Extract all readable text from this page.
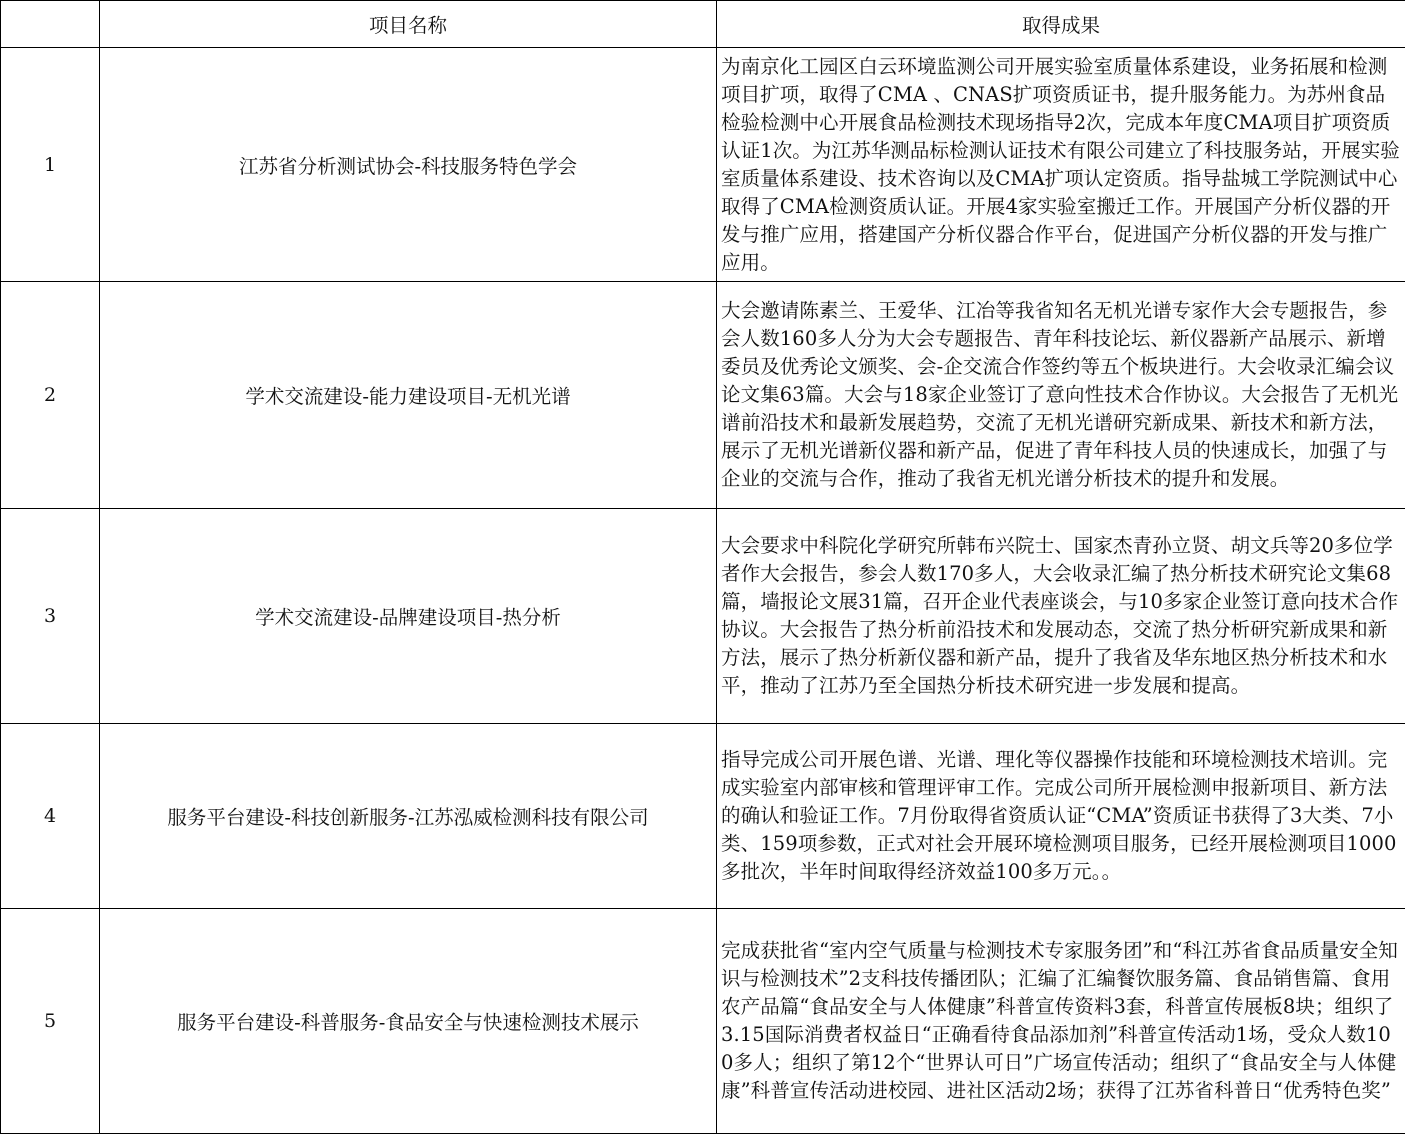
	项目名称	取得成果
1	江苏省分析测试协会-科技服务特色学会	为南京化工园区白云环境监测公司开展实验室质量体系建设，业务拓展和检测项目扩项，取得了CMA 、CNAS扩项资质证书，提升服务能力。为苏州食品检验检测中心开展食品检测技术现场指导2次，完成本年度CMA项目扩项资质认证1次。为江苏华测品标检测认证技术有限公司建立了科技服务站，开展实验室质量体系建设、技术咨询以及CMA扩项认定资质。指导盐城工学院测试中心取得了CMA检测资质认证。开展4家实验室搬迁工作。开展国产分析仪器的开发与推广应用，搭建国产分析仪器合作平台，促进国产分析仪器的开发与推广应用。
2	学术交流建设-能力建设项目-无机光谱	大会邀请陈素兰、王爱华、江冶等我省知名无机光谱专家作大会专题报告，参会人数160多人分为大会专题报告、青年科技论坛、新仪器新产品展示、新增委员及优秀论文颁奖、会-企交流合作签约等五个板块进行。大会收录汇编会议论文集63篇。大会与18家企业签订了意向性技术合作协议。大会报告了无机光谱前沿技术和最新发展趋势，交流了无机光谱研究新成果、新技术和新方法，展示了无机光谱新仪器和新产品，促进了青年科技人员的快速成长，加强了与企业的交流与合作，推动了我省无机光谱分析技术的提升和发展。
3	学术交流建设-品牌建设项目-热分析	大会要求中科院化学研究所韩布兴院士、国家杰青孙立贤、胡文兵等20多位学者作大会报告，参会人数170多人，大会收录汇编了热分析技术研究论文集68篇，墙报论文展31篇，召开企业代表座谈会，与10多家企业签订意向技术合作协议。大会报告了热分析前沿技术和发展动态，交流了热分析研究新成果和新方法，展示了热分析新仪器和新产品，提升了我省及华东地区热分析技术和水平，推动了江苏乃至全国热分析技术研究进一步发展和提高。
4	服务平台建设-科技创新服务-江苏泓威检测科技有限公司	指导完成公司开展色谱、光谱、理化等仪器操作技能和环境检测技术培训。完成实验室内部审核和管理评审工作。完成公司所开展检测申报新项目、新方法的确认和验证工作。7月份取得省资质认证“CMA”资质证书获得了3大类、7小类、159项参数，正式对社会开展环境检测项目服务，已经开展检测项目1000多批次，半年时间取得经济效益100多万元。。
5	服务平台建设-科普服务-食品安全与快速检测技术展示	完成获批省“室内空气质量与检测技术专家服务团”和“科江苏省食品质量安全知识与检测技术”2支科技传播团队；汇编了汇编餐饮服务篇、食品销售篇、食用农产品篇“食品安全与人体健康”科普宣传资料3套，科普宣传展板8块；组织了3.15国际消费者权益日“正确看待食品添加剂”科普宣传活动1场，受众人数100多人；组织了第12个“世界认可日”广场宣传活动；组织了“食品安全与人体健康”科普宣传活动进校园、进社区活动2场；获得了江苏省科普日“优秀特色奖”
